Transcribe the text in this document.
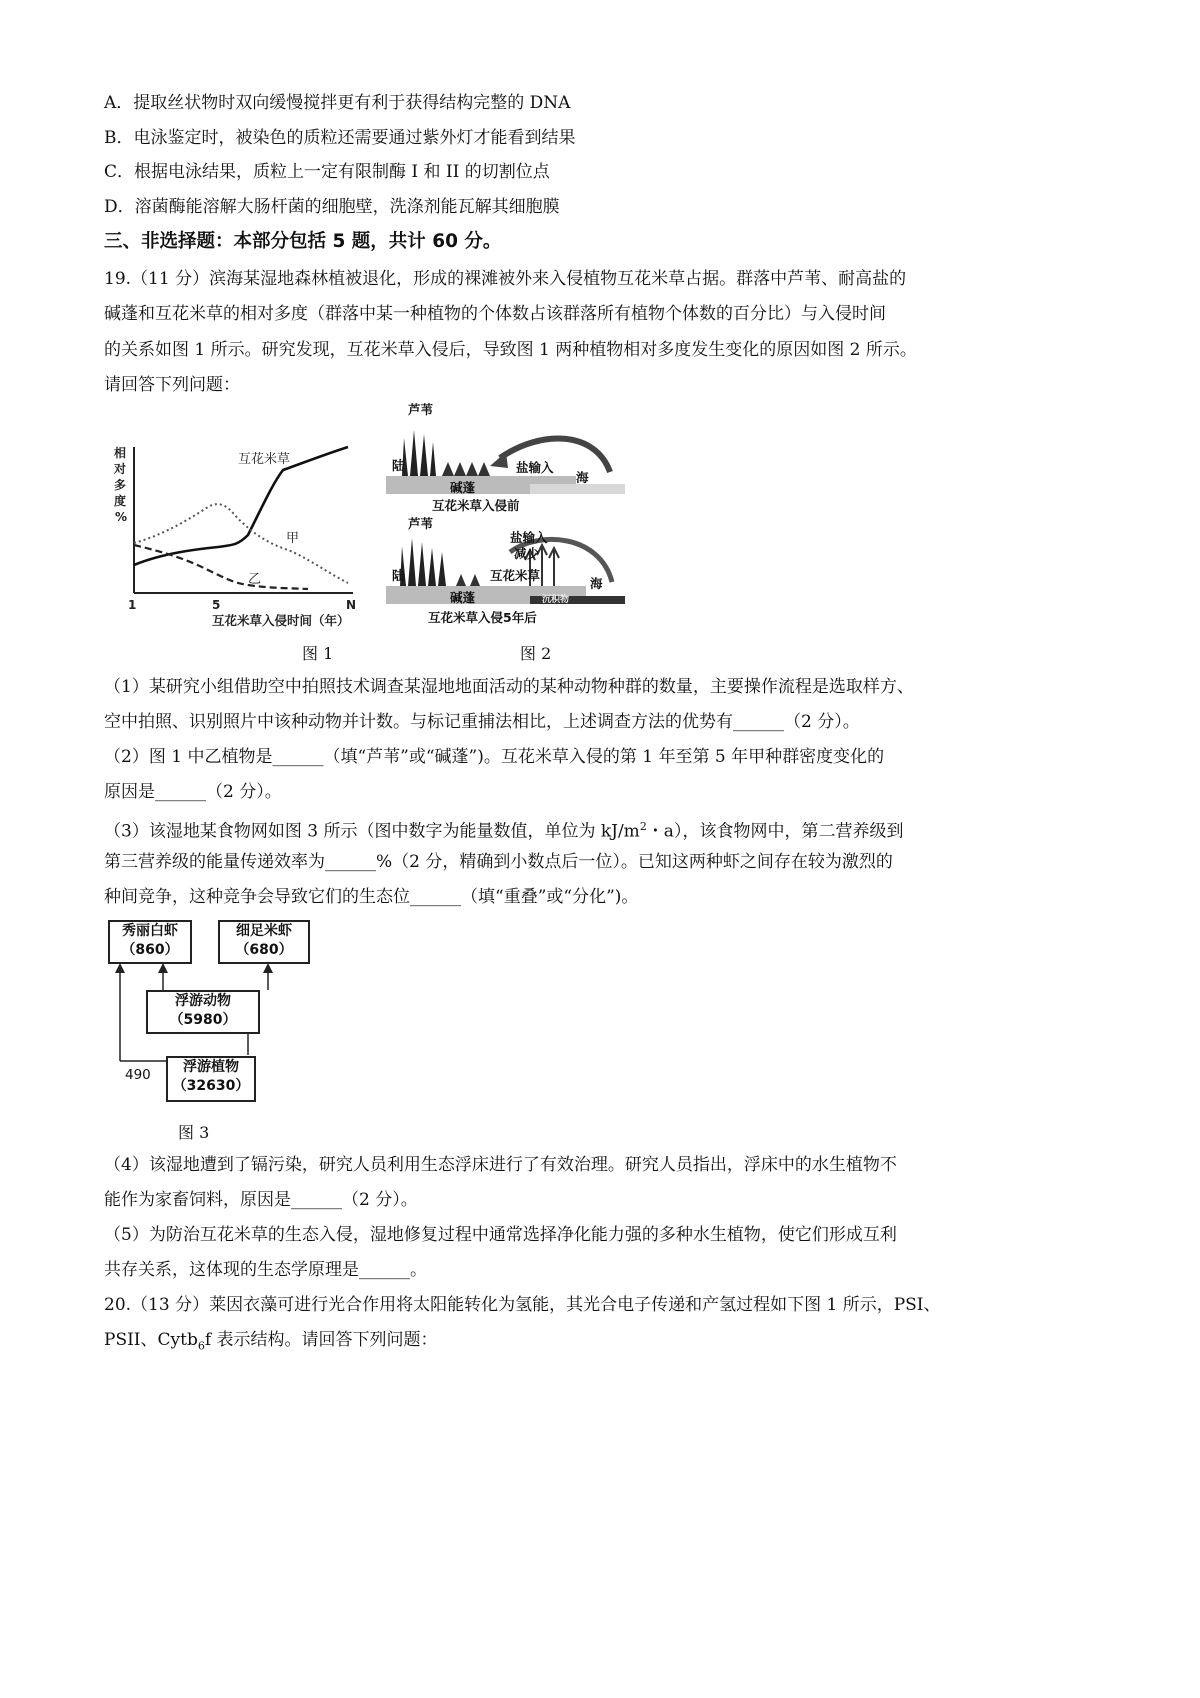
A．提取丝状物时双向缓慢搅拌更有利于获得结构完整的 DNA
B．电泳鉴定时，被染色的质粒还需要通过紫外灯才能看到结果
C．根据电泳结果，质粒上一定有限制酶 I 和 II 的切割位点
D．溶菌酶能溶解大肠杆菌的细胞壁，洗涤剂能瓦解其细胞膜
三、非选择题：本部分包括 5 题，共计 60 分。
19.（11 分）滨海某湿地森林植被退化，形成的裸滩被外来入侵植物互花米草占据。群落中芦苇、耐高盐的
碱蓬和互花米草的相对多度（群落中某一种植物的个体数占该群落所有植物个体数的百分比）与入侵时间
的关系如图 1 所示。研究发现，互花米草入侵后，导致图 1 两种植物相对多度发生变化的原因如图 2 所示。
请回答下列问题：
相
对
多
度
%
互花米草
甲
乙
1	5	N
互花米草入侵时间（年）
图 1
芦苇
陆	盐输入
海
碱蓬
互花米草入侵前
芦苇
陆
盐输入
减少
互花米草
海
沉积物
碱蓬
互花米草入侵5年后
图 2
（1）某研究小组借助空中拍照技术调查某湿地地面活动的某种动物种群的数量，主要操作流程是选取样方、
空中拍照、识别照片中该种动物并计数。与标记重捕法相比，上述调查方法的优势有______（2 分）。
（2）图 1 中乙植物是______（填“芦苇”或“碱蓬”)。互花米草入侵的第 1 年至第 5 年甲种群密度变化的
原因是______（2 分）。
（3）该湿地某食物网如图 3 所示（图中数字为能量数值，单位为 $kJ/m^2$・a），该食物网中，第二营养级到
第三营养级的能量传递效率为______%（2 分，精确到小数点后一位）。已知这两种虾之间存在较为激烈的
种间竞争，这种竞争会导致它们的生态位______（填“重叠”或“分化”)。
490
秀丽白虾
（860）
细足米虾
（680）
浮游动物
（5980）
浮游植物
（32630）
图 3
（4）该湿地遭到了镉污染，研究人员利用生态浮床进行了有效治理。研究人员指出，浮床中的水生植物不
能作为家畜饲料，原因是______（2 分）。
（5）为防治互花米草的生态入侵，湿地修复过程中通常选择净化能力强的多种水生植物，使它们形成互利
共存关系，这体现的生态学原理是______。
20.（13 分）莱因衣藻可进行光合作用将太阳能转化为氢能，其光合电子传递和产氢过程如下图 1 所示，PSI、
PSII、Cytb$_6$f 表示结构。请回答下列问题：
